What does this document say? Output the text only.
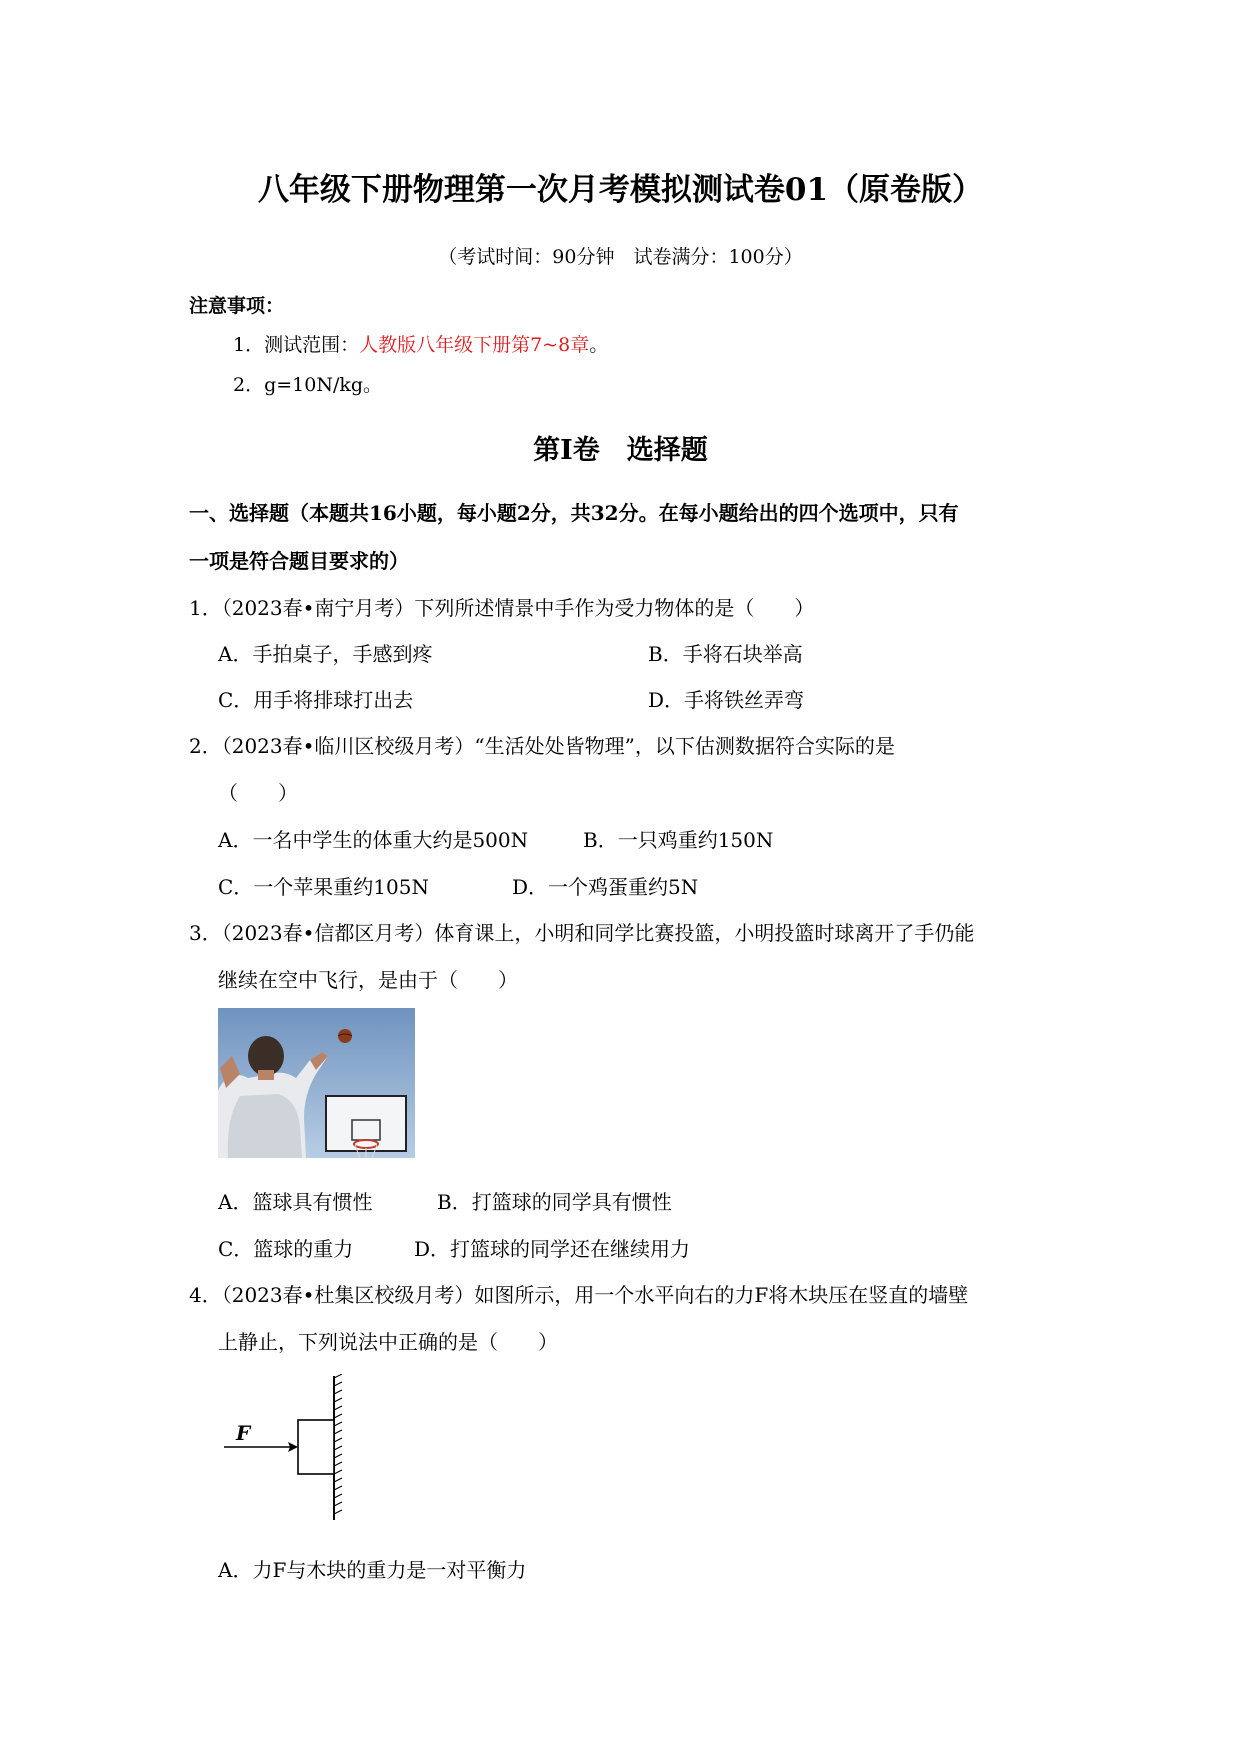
八年级下册物理第一次月考模拟测试卷01（原卷版）
（考试时间：90分钟　试卷满分：100分）
注意事项：
1．测试范围：人教版八年级下册第7~8章。
2．g=10N/kg。
第Ⅰ卷　选择题
一、选择题（本题共16小题，每小题2分，共32分。在每小题给出的四个选项中，只有
一项是符合题目要求的）
1．（2023春•南宁月考）下列所述情景中手作为受力物体的是（　　）
A．手拍桌子，手感到疼	B．手将石块举高
C．用手将排球打出去	D．手将铁丝弄弯
2．（2023春•临川区校级月考）“生活处处皆物理”，以下估测数据符合实际的是
（　　）
A．一名中学生的体重大约是500N	B．一只鸡重约150N
C．一个苹果重约105N	D．一个鸡蛋重约5N
3．（2023春•信都区月考）体育课上，小明和同学比赛投篮，小明投篮时球离开了手仍能
继续在空中飞行，是由于（　　）
A．篮球具有惯性	B．打篮球的同学具有惯性
C．篮球的重力	D．打篮球的同学还在继续用力
4．（2023春•杜集区校级月考）如图所示，用一个水平向右的力F将木块压在竖直的墙壁
上静止，下列说法中正确的是（　　）
F
A．力F与木块的重力是一对平衡力
